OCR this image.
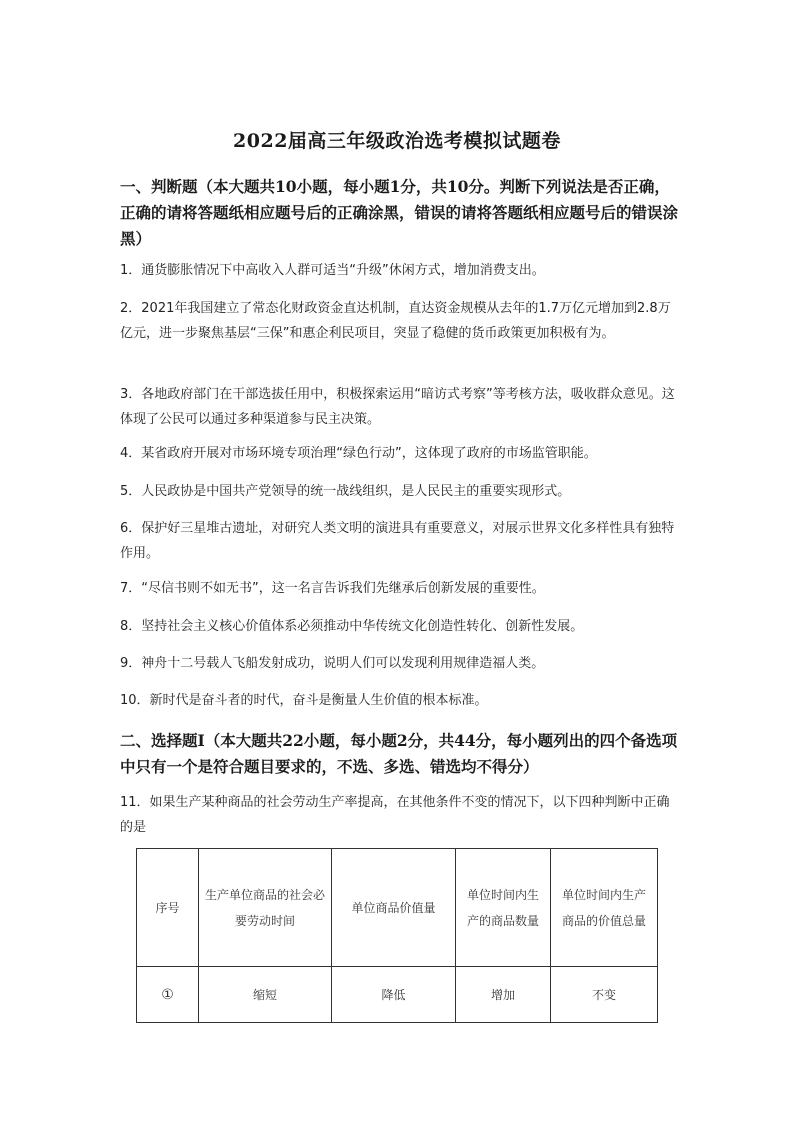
2022届高三年级政治选考模拟试题卷
一、判断题（本大题共10小题，每小题1分，共10分。判断下列说法是否正确，正确的请将答题纸相应题号后的正确涂黑，错误的请将答题纸相应题号后的错误涂黑）
1．通货膨胀情况下中高收入人群可适当“升级”休闲方式，增加消费支出。
2．2021年我国建立了常态化财政资金直达机制，直达资金规模从去年的1.7万亿元增加到2.8万亿元，进一步聚焦基层“三保”和惠企利民项目，突显了稳健的货币政策更加积极有为。
3．各地政府部门在干部选拔任用中，积极探索运用“暗访式考察”等考核方法，吸收群众意见。这体现了公民可以通过多种渠道参与民主决策。
4．某省政府开展对市场环境专项治理“绿色行动”，这体现了政府的市场监管职能。
5．人民政协是中国共产党领导的统一战线组织，是人民民主的重要实现形式。
6．保护好三星堆古遗址，对研究人类文明的演进具有重要意义，对展示世界文化多样性具有独特作用。
7．“尽信书则不如无书”，这一名言告诉我们先继承后创新发展的重要性。
8．坚持社会主义核心价值体系必须推动中华传统文化创造性转化、创新性发展。
9．神舟十二号载人飞船发射成功，说明人们可以发现利用规律造福人类。
10．新时代是奋斗者的时代，奋斗是衡量人生价值的根本标准。
二、选择题Ⅰ（本大题共22小题，每小题2分，共44分，每小题列出的四个备选项中只有一个是符合题目要求的，不选、多选、错选均不得分）
11．如果生产某种商品的社会劳动生产率提高，在其他条件不变的情况下，以下四种判断中正确的是
序号	生产单位商品的社会必要劳动时间	单位商品价值量	单位时间内生产的商品数量	单位时间内生产商品的价值总量
①	缩短	降低	增加	不变
